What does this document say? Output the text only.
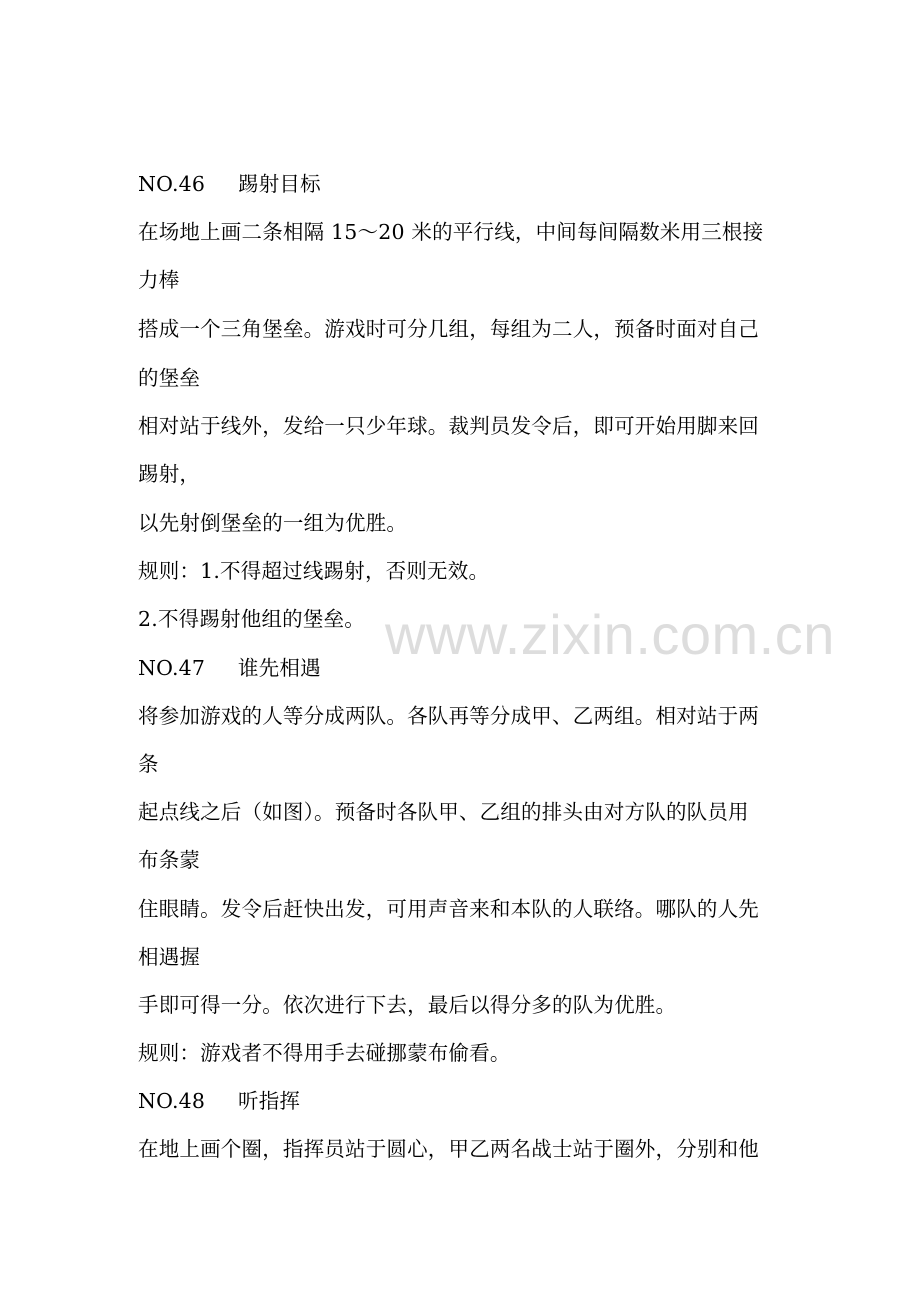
NO.46 踢射目标
在场地上画二条相隔 15～20 米的平行线，中间每间隔数米用三根接
力棒
搭成一个三角堡垒。游戏时可分几组，每组为二人，预备时面对自己
的堡垒
相对站于线外，发给一只少年球。裁判员发令后，即可开始用脚来回
踢射，
以先射倒堡垒的一组为优胜。
规则：1.不得超过线踢射，否则无效。
2.不得踢射他组的堡垒。
NO.47 谁先相遇
将参加游戏的人等分成两队。各队再等分成甲、乙两组。相对站于两
条
起点线之后（如图）。预备时各队甲、乙组的排头由对方队的队员用
布条蒙
住眼睛。发令后赶快出发，可用声音来和本队的人联络。哪队的人先
相遇握
手即可得一分。依次进行下去，最后以得分多的队为优胜。
规则：游戏者不得用手去碰挪蒙布偷看。
NO.48 听指挥
在地上画个圈，指挥员站于圆心，甲乙两名战士站于圈外，分别和他
www.zixin.com.cn
